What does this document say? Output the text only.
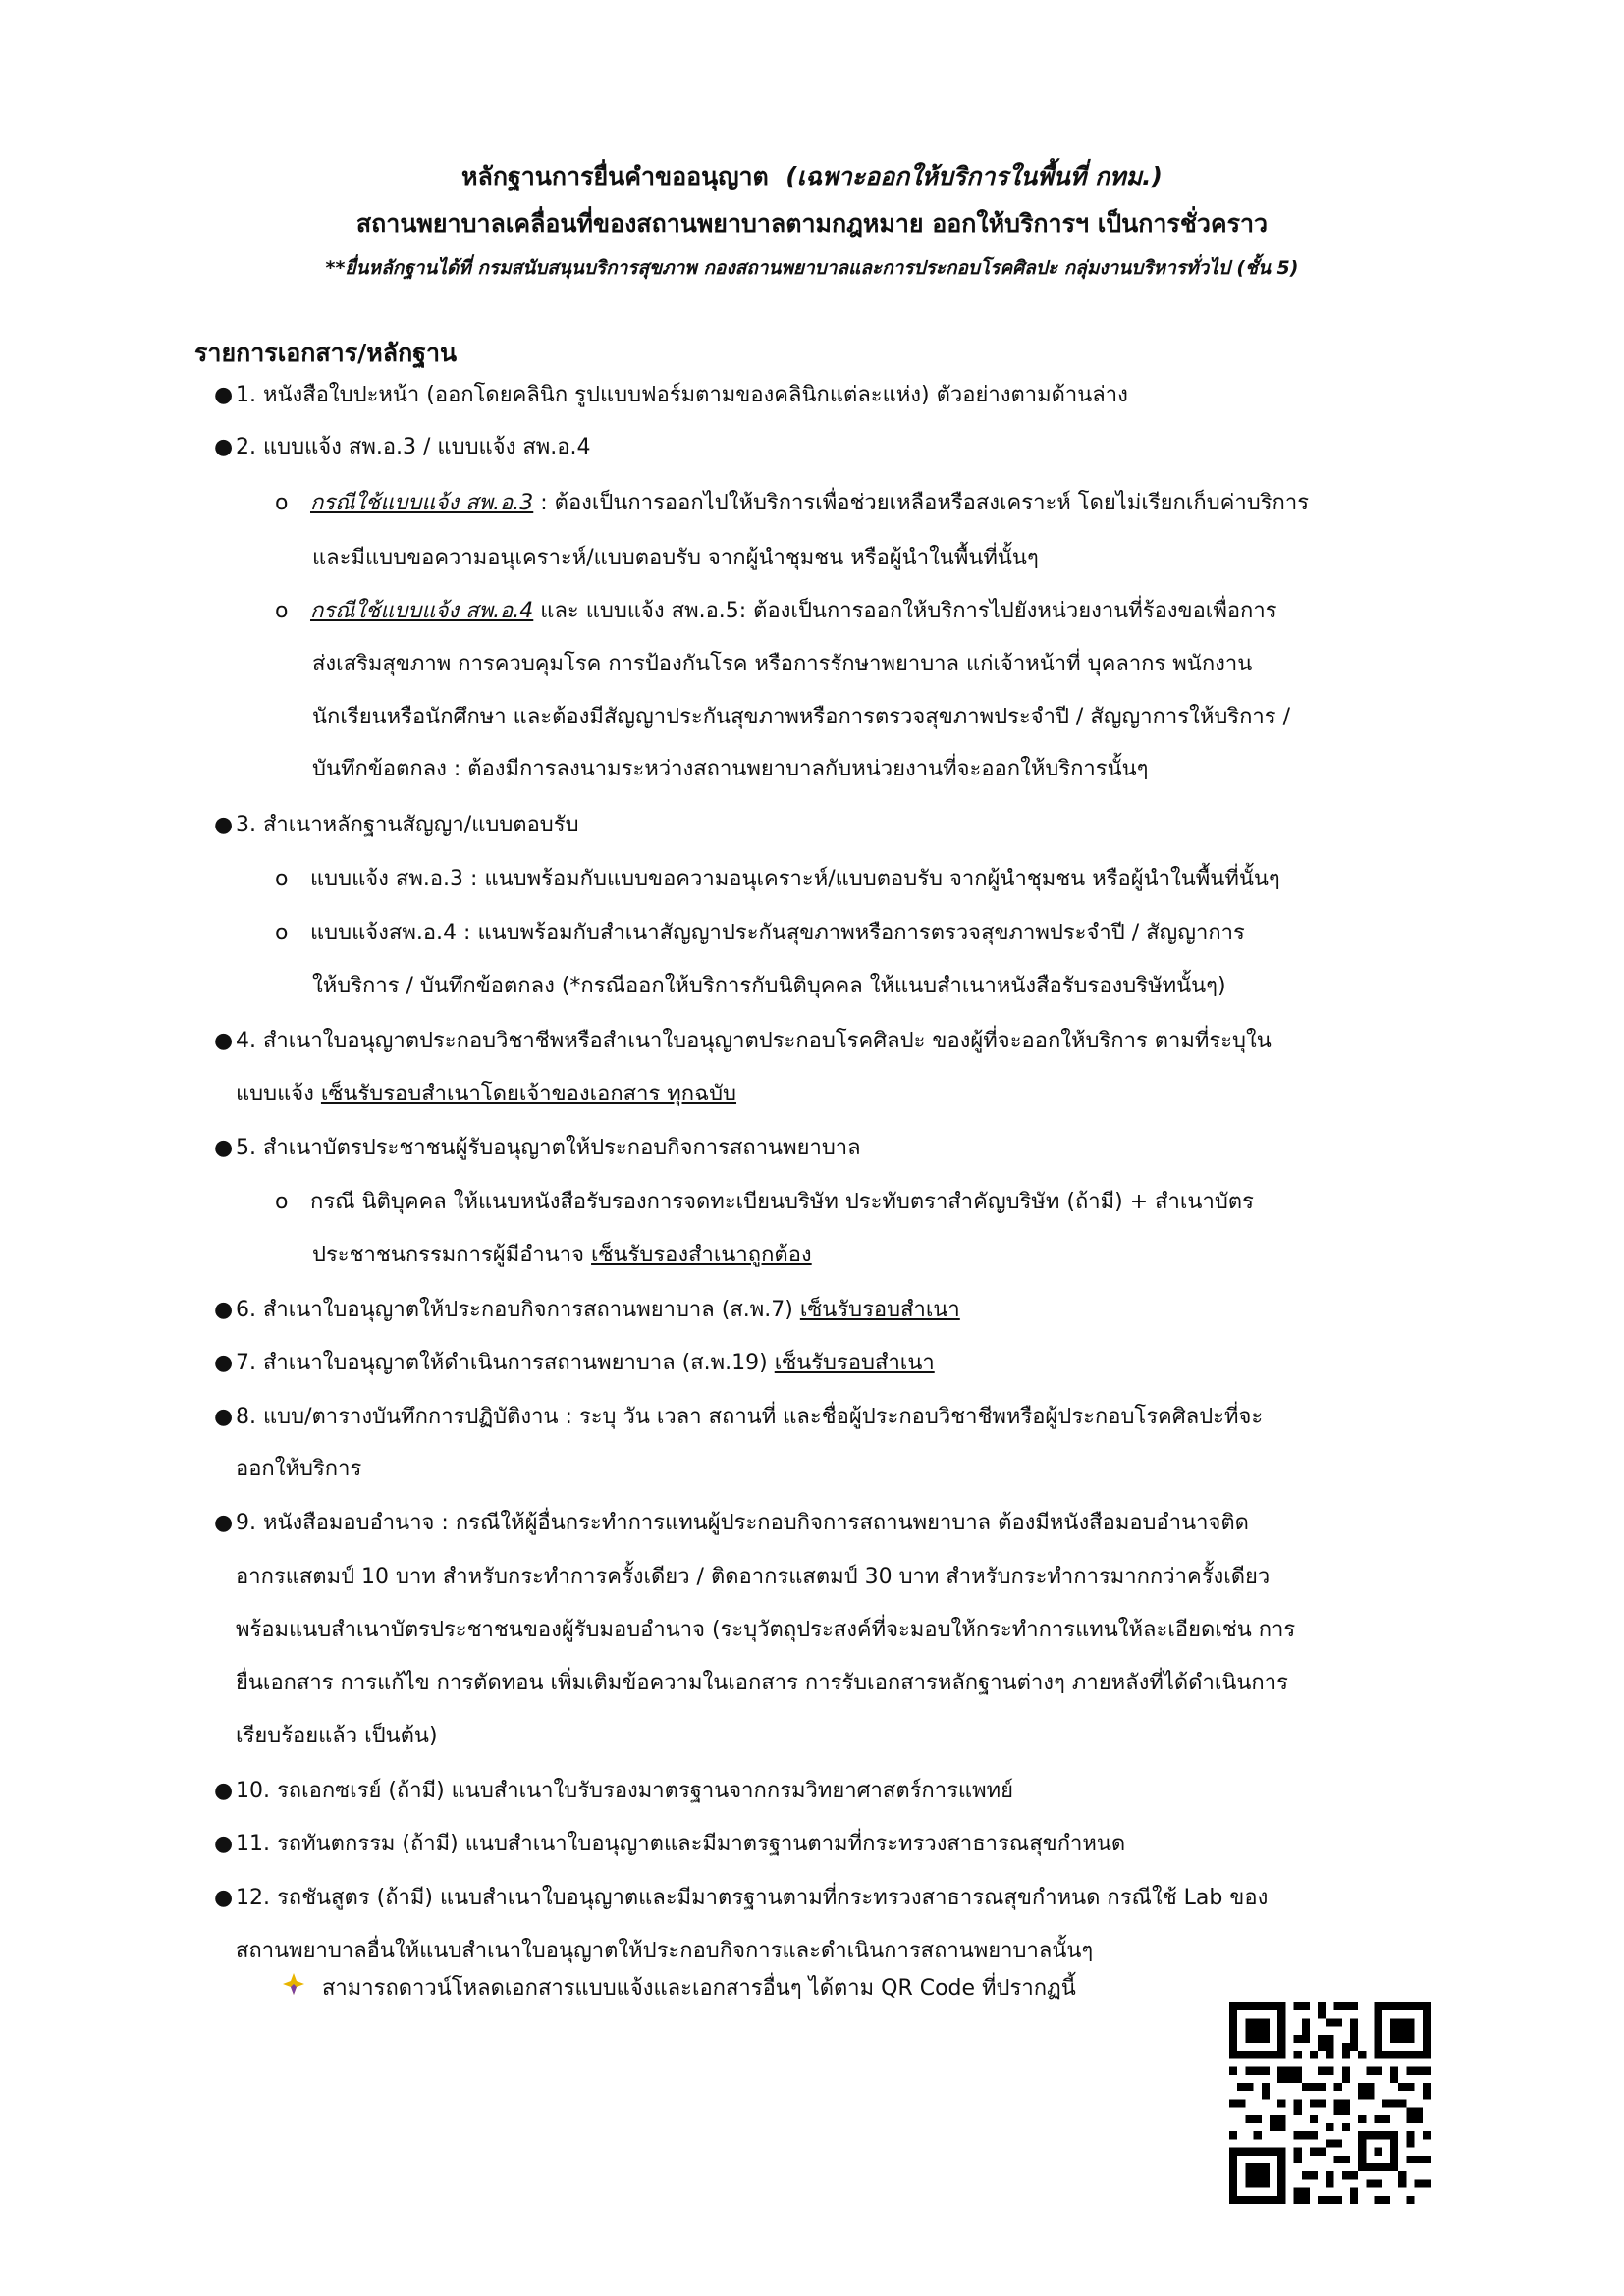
หลักฐานการยื่นคำขออนุญาต (เฉพาะออกให้บริการในพื้นที่ กทม.)
สถานพยาบาลเคลื่อนที่ของสถานพยาบาลตามกฎหมาย ออกให้บริการฯ เป็นการชั่วคราว
**ยื่นหลักฐานได้ที่ กรมสนับสนุนบริการสุขภาพ กองสถานพยาบาลและการประกอบโรคศิลปะ กลุ่มงานบริหารทั่วไป (ชั้น 5)
รายการเอกสาร/หลักฐาน
● 1. หนังสือใบปะหน้า (ออกโดยคลินิก รูปแบบฟอร์มตามของคลินิกแต่ละแห่ง) ตัวอย่างตามด้านล่าง
● 2. แบบแจ้ง สพ.อ.3 / แบบแจ้ง สพ.อ.4
o กรณีใช้แบบแจ้ง สพ.อ.3 : ต้องเป็นการออกไปให้บริการเพื่อช่วยเหลือหรือสงเคราะห์ โดยไม่เรียกเก็บค่าบริการ
และมีแบบขอความอนุเคราะห์/แบบตอบรับ จากผู้นำชุมชน หรือผู้นำในพื้นที่นั้นๆ
o กรณีใช้แบบแจ้ง สพ.อ.4 และ แบบแจ้ง สพ.อ.5: ต้องเป็นการออกให้บริการไปยังหน่วยงานที่ร้องขอเพื่อการ
ส่งเสริมสุขภาพ การควบคุมโรค การป้องกันโรค หรือการรักษาพยาบาล แก่เจ้าหน้าที่ บุคลากร พนักงาน
นักเรียนหรือนักศึกษา และต้องมีสัญญาประกันสุขภาพหรือการตรวจสุขภาพประจำปี / สัญญาการให้บริการ /
บันทึกข้อตกลง : ต้องมีการลงนามระหว่างสถานพยาบาลกับหน่วยงานที่จะออกให้บริการนั้นๆ
● 3. สำเนาหลักฐานสัญญา/แบบตอบรับ
o แบบแจ้ง สพ.อ.3 : แนบพร้อมกับแบบขอความอนุเคราะห์/แบบตอบรับ จากผู้นำชุมชน หรือผู้นำในพื้นที่นั้นๆ
o แบบแจ้งสพ.อ.4 : แนบพร้อมกับสำเนาสัญญาประกันสุขภาพหรือการตรวจสุขภาพประจำปี / สัญญาการ
ให้บริการ / บันทึกข้อตกลง (*กรณีออกให้บริการกับนิติบุคคล ให้แนบสำเนาหนังสือรับรองบริษัทนั้นๆ)
● 4. สำเนาใบอนุญาตประกอบวิชาชีพหรือสำเนาใบอนุญาตประกอบโรคศิลปะ ของผู้ที่จะออกให้บริการ ตามที่ระบุใน
แบบแจ้ง เซ็นรับรอบสำเนาโดยเจ้าของเอกสาร ทุกฉบับ
● 5. สำเนาบัตรประชาชนผู้รับอนุญาตให้ประกอบกิจการสถานพยาบาล
o กรณี นิติบุคคล ให้แนบหนังสือรับรองการจดทะเบียนบริษัท ประทับตราสำคัญบริษัท (ถ้ามี) + สำเนาบัตร
ประชาชนกรรมการผู้มีอำนาจ เซ็นรับรองสำเนาถูกต้อง
● 6. สำเนาใบอนุญาตให้ประกอบกิจการสถานพยาบาล (ส.พ.7) เซ็นรับรอบสำเนา
● 7. สำเนาใบอนุญาตให้ดำเนินการสถานพยาบาล (ส.พ.19) เซ็นรับรอบสำเนา
● 8. แบบ/ตารางบันทึกการปฏิบัติงาน : ระบุ วัน เวลา สถานที่ และชื่อผู้ประกอบวิชาชีพหรือผู้ประกอบโรคศิลปะที่จะ
ออกให้บริการ
● 9. หนังสือมอบอำนาจ : กรณีให้ผู้อื่นกระทำการแทนผู้ประกอบกิจการสถานพยาบาล ต้องมีหนังสือมอบอำนาจติด
อากรแสตมป์ 10 บาท สำหรับกระทำการครั้งเดียว / ติดอากรแสตมป์ 30 บาท สำหรับกระทำการมากกว่าครั้งเดียว
พร้อมแนบสำเนาบัตรประชาชนของผู้รับมอบอำนาจ (ระบุวัตถุประสงค์ที่จะมอบให้กระทำการแทนให้ละเอียดเช่น การ
ยื่นเอกสาร การแก้ไข การตัดทอน เพิ่มเติมข้อความในเอกสาร การรับเอกสารหลักฐานต่างๆ ภายหลังที่ได้ดำเนินการ
เรียบร้อยแล้ว เป็นต้น)
● 10. รถเอกซเรย์ (ถ้ามี) แนบสำเนาใบรับรองมาตรฐานจากกรมวิทยาศาสตร์การแพทย์
● 11. รถทันตกรรม (ถ้ามี) แนบสำเนาใบอนุญาตและมีมาตรฐานตามที่กระทรวงสาธารณสุขกำหนด
● 12. รถชันสูตร (ถ้ามี) แนบสำเนาใบอนุญาตและมีมาตรฐานตามที่กระทรวงสาธารณสุขกำหนด กรณีใช้ Lab ของ
สถานพยาบาลอื่นให้แนบสำเนาใบอนุญาตให้ประกอบกิจการและดำเนินการสถานพยาบาลนั้นๆ
สามารถดาวน์โหลดเอกสารแบบแจ้งและเอกสารอื่นๆ ได้ตาม QR Code ที่ปรากฏนี้
